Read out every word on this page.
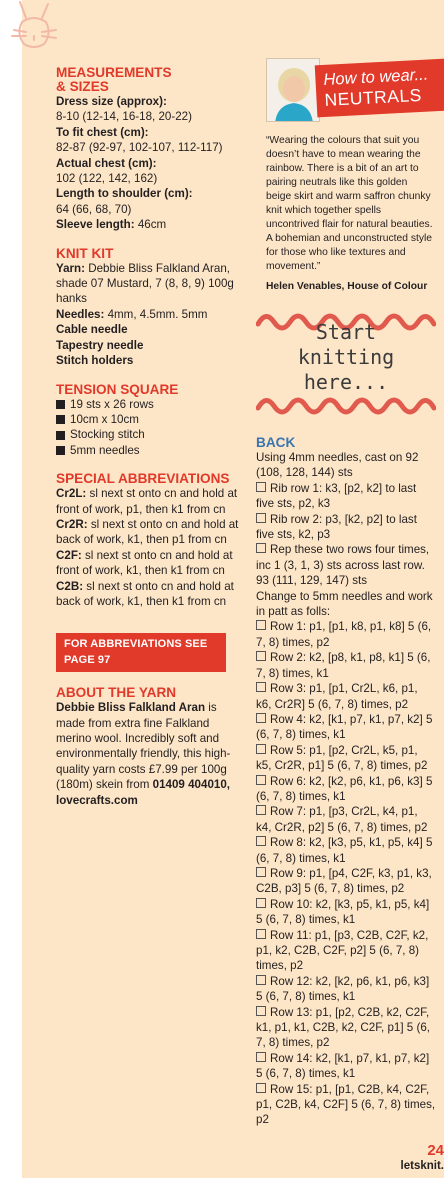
MEASUREMENTS
& SIZES
Dress size (approx):
8-10 (12-14, 16-18, 20-22)
To fit chest (cm):
82-87 (92-97, 102-107, 112-117)
Actual chest (cm):
102 (122, 142, 162)
Length to shoulder (cm):
64 (66, 68, 70)
Sleeve length: 46cm
KNIT KIT
Yarn: Debbie Bliss Falkland Aran, shade 07 Mustard, 7 (8, 8, 9) 100g hanks
Needles: 4mm, 4.5mm. 5mm
Cable needle
Tapestry needle
Stitch holders
TENSION SQUARE
19 sts x 26 rows
10cm x 10cm
Stocking stitch
5mm needles
SPECIAL ABBREVIATIONS
Cr2L: sl next st onto cn and hold at front of work, p1, then k1 from cn
Cr2R: sl next st onto cn and hold at back of work, k1, then p1 from cn
C2F: sl next st onto cn and hold at front of work, k1, then k1 from cn
C2B: sl next st onto cn and hold at back of work, k1, then k1 from cn
FOR ABBREVIATIONS SEE PAGE 97
ABOUT THE YARN
Debbie Bliss Falkland Aran is made from extra fine Falkland merino wool. Incredibly soft and environmentally friendly, this high-quality yarn costs £7.99 per 100g (180m) skein from 01409 404010, lovecrafts.com
How to wear...
NEUTRALS
“Wearing the colours that suit you doesn’t have to mean wearing the rainbow. There is a bit of an art to pairing neutrals like this golden beige skirt and warm saffron chunky knit which together spells uncontrived flair for natural beauties. A bohemian and unconstructed style for those who like textures and movement.”
Helen Venables, House of Colour
Start
knitting
here...
BACK
Using 4mm needles, cast on 92 (108, 128, 144) sts
Rib row 1: k3, [p2, k2] to last five sts, p2, k3
Rib row 2: p3, [k2, p2] to last five sts, k2, p3
Rep these two rows four times, inc 1 (3, 1, 3) sts across last row. 93 (111, 129, 147) sts
Change to 5mm needles and work in patt as folls:
Row 1: p1, [p1, k8, p1, k8] 5 (6, 7, 8) times, p2
Row 2: k2, [p8, k1, p8, k1] 5 (6, 7, 8) times, k1
Row 3: p1, [p1, Cr2L, k6, p1, k6, Cr2R] 5 (6, 7, 8) times, p2
Row 4: k2, [k1, p7, k1, p7, k2] 5 (6, 7, 8) times, k1
Row 5: p1, [p2, Cr2L, k5, p1, k5, Cr2R, p1] 5 (6, 7, 8) times, p2
Row 6: k2, [k2, p6, k1, p6, k3] 5 (6, 7, 8) times, k1
Row 7: p1, [p3, Cr2L, k4, p1, k4, Cr2R, p2] 5 (6, 7, 8) times, p2
Row 8: k2, [k3, p5, k1, p5, k4] 5 (6, 7, 8) times, k1
Row 9: p1, [p4, C2F, k3, p1, k3, C2B, p3] 5 (6, 7, 8) times, p2
Row 10: k2, [k3, p5, k1, p5, k4] 5 (6, 7, 8) times, k1
Row 11: p1, [p3, C2B, C2F, k2, p1, k2, C2B, C2F, p2] 5 (6, 7, 8) times, p2
Row 12: k2, [k2, p6, k1, p6, k3] 5 (6, 7, 8) times, k1
Row 13: p1, [p2, C2B, k2, C2F, k1, p1, k1, C2B, k2, C2F, p1] 5 (6, 7, 8) times, p2
Row 14: k2, [k1, p7, k1, p7, k2] 5 (6, 7, 8) times, k1
Row 15: p1, [p1, C2B, k4, C2F, p1, C2B, k4, C2F] 5 (6, 7, 8) times, p2
24
letsknit.
